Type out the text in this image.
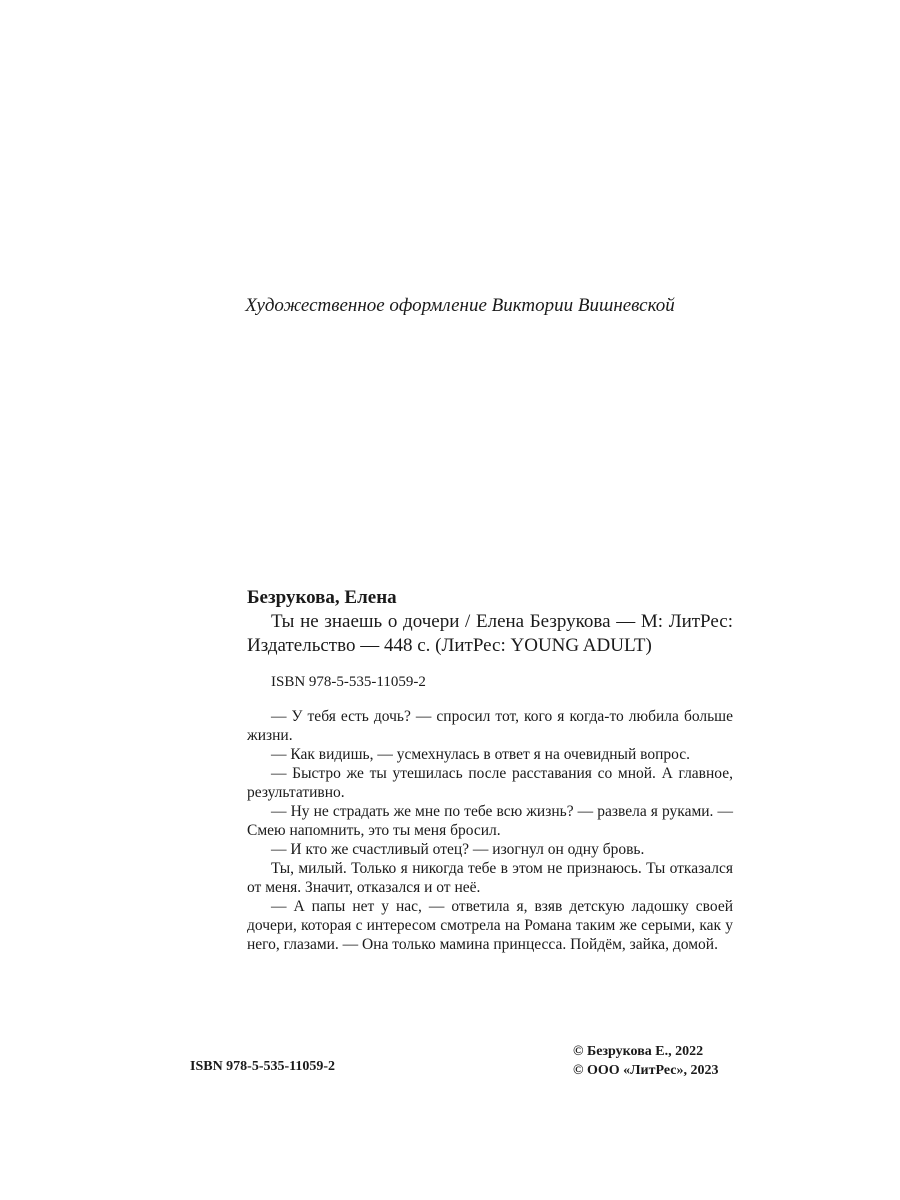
Художественное оформление Виктории Вишневской

Безрукова, Елена

Ты не знаешь о дочери / Елена Безрукова — М: ЛитРес: Издательство — 448 с. (ЛитРес: YOUNG ADULT)

ISBN 978-5-535-11059-2

— У тебя есть дочь? — спросил тот, кого я когда-то любила больше жизни.

— Как видишь, — усмехнулась в ответ я на очевидный вопрос.

— Быстро же ты утешилась после расставания со мной. А главное, результативно.

— Ну не страдать же мне по тебе всю жизнь? — развела я руками. — Смею напомнить, это ты меня бросил.

— И кто же счастливый отец? — изогнул он одну бровь.

Ты, милый. Только я никогда тебе в этом не признаюсь. Ты отказался от меня. Значит, отказался и от неё.

— А папы нет у нас, — ответила я, взяв детскую ладошку своей дочери, которая с интересом смотрела на Романа таким же серыми, как у него, глазами. — Она только мамина принцесса. Пойдём, зайка, домой.

ISBN 978-5-535-11059-2
© Безрукова Е., 2022
© ООО «ЛитРес», 2023
